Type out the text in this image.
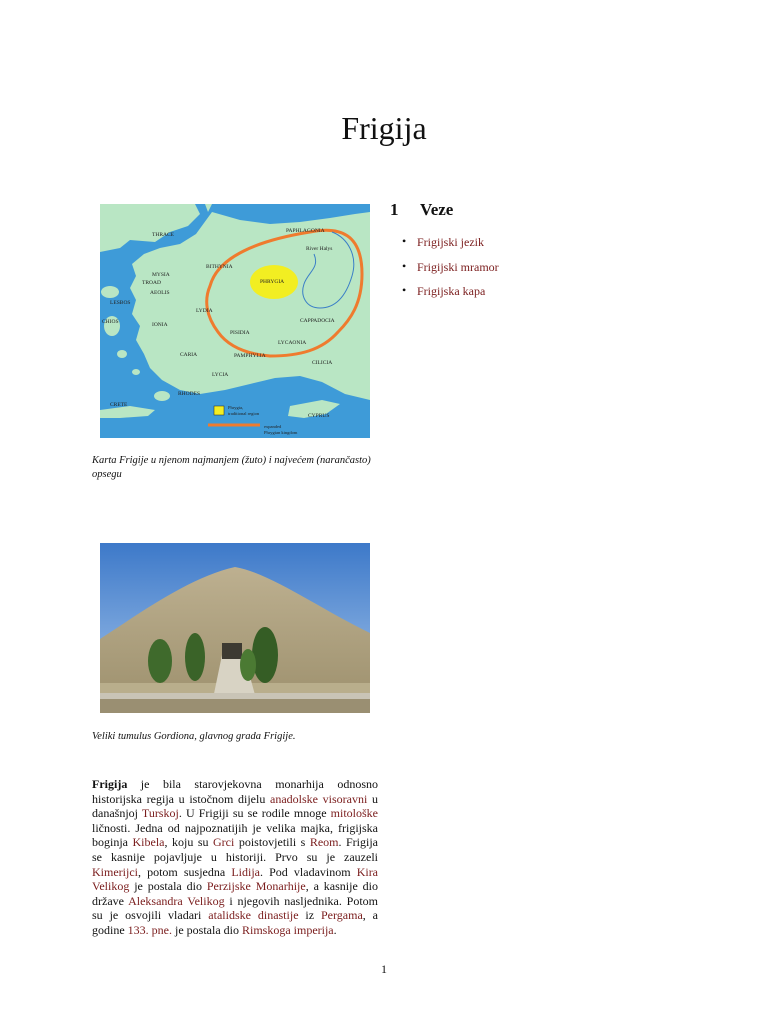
Frigija
1 Veze
• Frigijski jezik
• Frigijski mramor
• Frigijska kapa
THRACE
PAPHLAGONIA
River Halys
BITHYNIA
MYSIA
TROAD	PHRYGIA
AEOLIS
LESBOS
LYDIA
CHIOS	IONIA
PISIDIA
CAPPADOCIA
CARIA
LYCAONIA
PAMPHYLIA
CILICIA
LYCIA
RHODES
CRETE
CYPRUS
Phrygia,
traditional region
expanded
Phrygian kingdom
Karta Frigije u njenom najmanjem (žuto) i najvećem (narančasto) opsegu
Veliki tumulus Gordiona, glavnog grada Frigije.
Frigija je bila starovjekovna monarhija odnosno historijska regija u istočnom dijelu anadolske visoravni u današnjoj Turskoj. U Frigiji su se rodile mnoge mitološke ličnosti. Jedna od najpoznatijih je velika majka, frigijska boginja Kibela, koju su Grci poistovjetili s Reom. Frigija se kasnije pojavljuje u historiji. Prvo su je zauzeli Kimerijci, potom susjedna Lidija. Pod vladavinom Kira Velikog je postala dio Perzijske Monarhije, a kasnije dio države Aleksandra Velikog i njegovih nasljednika. Potom su je osvojili vladari atalidske dinastije iz Pergama, a godine 133. pne. je postala dio Rimskoga imperija.
1
